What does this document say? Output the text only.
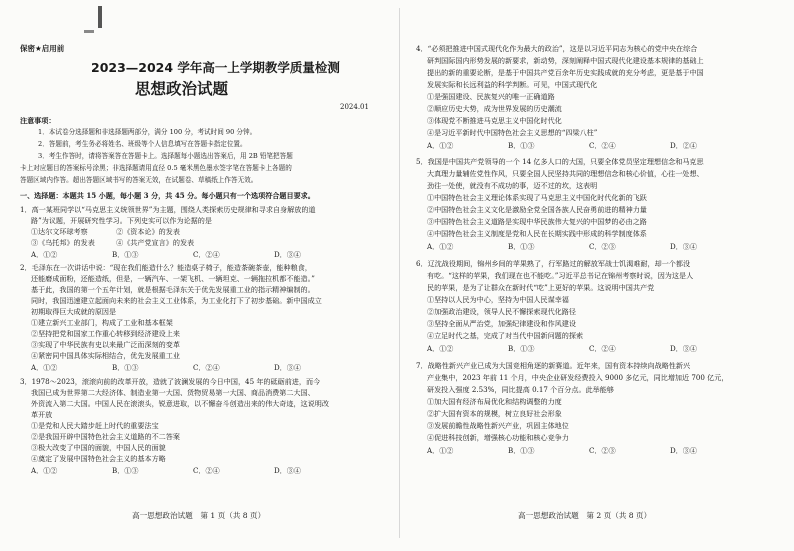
保密★启用前
2023—2024 学年高一上学期教学质量检测
思想政治试题
2024.01
注意事项：
1．本试卷分选择题和非选择题两部分，满分 100 分，考试时间 90 分钟。
2．答题前，考生务必将姓名、班级等个人信息填写在答题卡指定位置。
3．考生作答时，请将答案答在答题卡上。选择题每小题选出答案后，用 2B 铅笔把答题
卡上对应题目的答案标号涂黑；非选择题请用直径 0.5 毫米黑色墨水签字笔在答题卡上各题的
答题区域内作答。超出答题区域书写的答案无效，在试题卷、草稿纸上作答无效。
一、选择题：本题共 15 小题，每小题 3 分，共 45 分。每小题只有一个选项符合题目要求。
1．高一某班同学以“马克思主义统领世界”为主题，围绕人类探索历史规律和寻求自身解放的道
路”为议题，开展研究性学习。下列史实可以作为论据的是
①达尔文环球考察　　　　②《资本论》的发表
③《乌托邦》的发表　　　④《共产党宣言》的发表
A．①②	B．①③	C．②④	D．③④
2．毛泽东在一次讲话中说：“现在我们能造什么？能造桌子椅子，能造茶碗茶壶，能种粮食，
还能磨成面粉，还能造纸，但是，一辆汽车、一架飞机、一辆坦克、一辆拖拉机都不能造。”
基于此，我国的第一个五年计划，就是根据毛泽东关于优先发展重工业的指示精神编制的。
同时，我国迅速建立起面向未来的社会主义工业体系，为工业化打下了初步基础。新中国成立
初期取得巨大成就的原因是
①建立新兴工业部门，构成了工业和基本框架
②坚持把党和国家工作重心转移到经济建设上来
③实现了中华民族有史以来最广泛而深刻的变革
④紧密同中国具体实际相结合，优先发展重工业
A．①②	B．①③	C．②④	D．③④
3．1978～2023，滚滚向前的改革开放，造就了波澜发展的今日中国，45 年的砥砺前进，而今
我国已成为世界第二大经济体、制造业第一大国、货物贸易第一大国、商品消费第二大国、
外资流入第二大国。中国人民在滚滚头，锐意进取，以不懈奋斗创造出来的伟大奇迹，这说明改
革开放
①是党和人民大踏步赶上时代的重要法宝
②是我国开辟中国特色社会主义道路的不二答案
③极大改变了中国的面貌，中国人民的面貌
④奠定了发展中国特色社会主义的基本方略
A．①②	B．①③	C．②④	D．③④
高一思想政治试题　第 1 页（共 8 页）
4．“必须把推进中国式现代化作为最大的政治”，这是以习近平同志为核心的党中央在综合
研判国际国内形势发展的新要求，新动势，深刻阐释中国式现代化建设基本规律的基础上
提出的新的重要论断，是基于中国共产党百余年历史实践成就的充分考虑，更是基于中国
发展实际和长远利益的科学判断。可见，中国式现代化
①是强国建设、民族复兴的唯一正确道路
②顺应历史大势，成为世界发展的历史潮流
③体现党不断推进马克思主义中国化时代化
④是习近平新时代中国特色社会主义思想的“四梁八柱”
A．①②	B．①③	C．②④	D．②④
5．我国是中国共产党领导的一个 14 亿多人口的大国，只要全体党员坚定理想信念和马克思
大真理力量辅佐党性作风，只要全国人民坚持共同的理想信念和核心价值，心往一处想、
劲往一处使，就没有不成功的事，迈不过的坎，这表明
①中国特色社会主义理论体系实现了马克思主义中国化时代化新的飞跃
②中国特色社会主义文化是激励全党全国各族人民奋勇前进的精神力量
③中国特色社会主义道路是实现中华民族伟大复兴的中国梦的必由之路
④中国特色社会主义制度是党和人民在长期实践中形成的科学制度体系
A．①②	B．①③	C．②③	D．③④
6．辽沈战役期间，锦州乡间的苹果熟了，行军路过的解放军战士饥渴难耐，却一个都没
有吃。“这样的苹果，我们现在也不能吃。”习近平总书记在锦州考察时说，因为这是人
民的苹果，是为了让群众在新时代“吃”上更好的苹果。这说明中国共产党
①坚持以人民为中心，坚持为中国人民谋幸福
②加强政治建设，领导人民不懈探索现代化路径
③坚持全面从严治党，加强纪律建设和作风建设
④立足时代之基，完成了对当代中国新问题的探索
A．①②	B．①③	C．②④	D．③④
7．战略性新兴产业已成为大国竞相角逐的新赛道。近年来，国有资本持续向战略性新兴
产业集中，2023 年前 11 个月，中央企业研发经费投入 9000 多亿元，同比增加近 700 亿元，
研发投入强度 2.53%，同比提高 0.17 个百分点。此举能够
①加大国有经济布局优化和结构调整的力度
②扩大国有资本的规模，树立良好社会形象
③发展前瞻性战略性新兴产业，巩固主体地位
④促进科技创新，增强核心功能和核心竞争力
A．①②	B．①③	C．②③	D．③④
高一思想政治试题　第 2 页（共 8 页）
